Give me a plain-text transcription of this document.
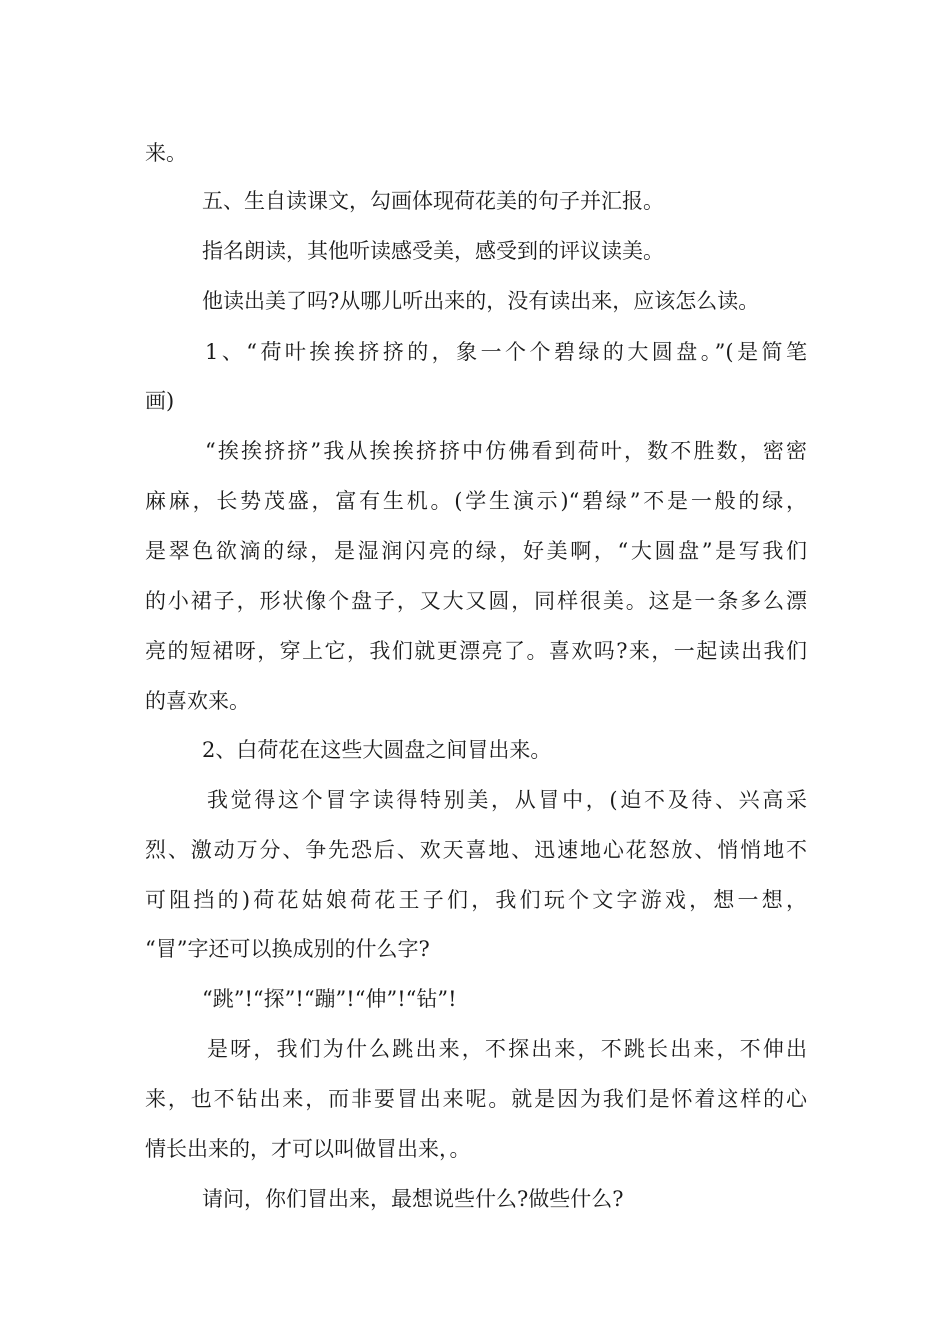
来。
五、生自读课文，勾画体现荷花美的句子并汇报。
指名朗读，其他听读感受美，感受到的评议读美。
他读出美了吗?从哪儿听出来的，没有读出来，应该怎么读。
1、“荷叶挨挨挤挤的，象一个个碧绿的大圆盘。”(是简笔
画)
“挨挨挤挤”我从挨挨挤挤中仿佛看到荷叶，数不胜数，密密
麻麻，长势茂盛，富有生机。(学生演示)“碧绿”不是一般的绿，
是翠色欲滴的绿，是湿润闪亮的绿，好美啊，“大圆盘”是写我们
的小裙子，形状像个盘子，又大又圆，同样很美。这是一条多么漂
亮的短裙呀，穿上它，我们就更漂亮了。喜欢吗?来，一起读出我们
的喜欢来。
2、白荷花在这些大圆盘之间冒出来。
我觉得这个冒字读得特别美，从冒中，(迫不及待、兴高采
烈、激动万分、争先恐后、欢天喜地、迅速地心花怒放、悄悄地不
可阻挡的)荷花姑娘荷花王子们，我们玩个文字游戏，想一想，
“冒”字还可以换成别的什么字?
“跳”!“探”!“蹦”!“伸”!“钻”!
是呀，我们为什么跳出来，不探出来，不跳长出来，不伸出
来，也不钻出来，而非要冒出来呢。就是因为我们是怀着这样的心
情长出来的，才可以叫做冒出来，。
请问，你们冒出来，最想说些什么?做些什么?
